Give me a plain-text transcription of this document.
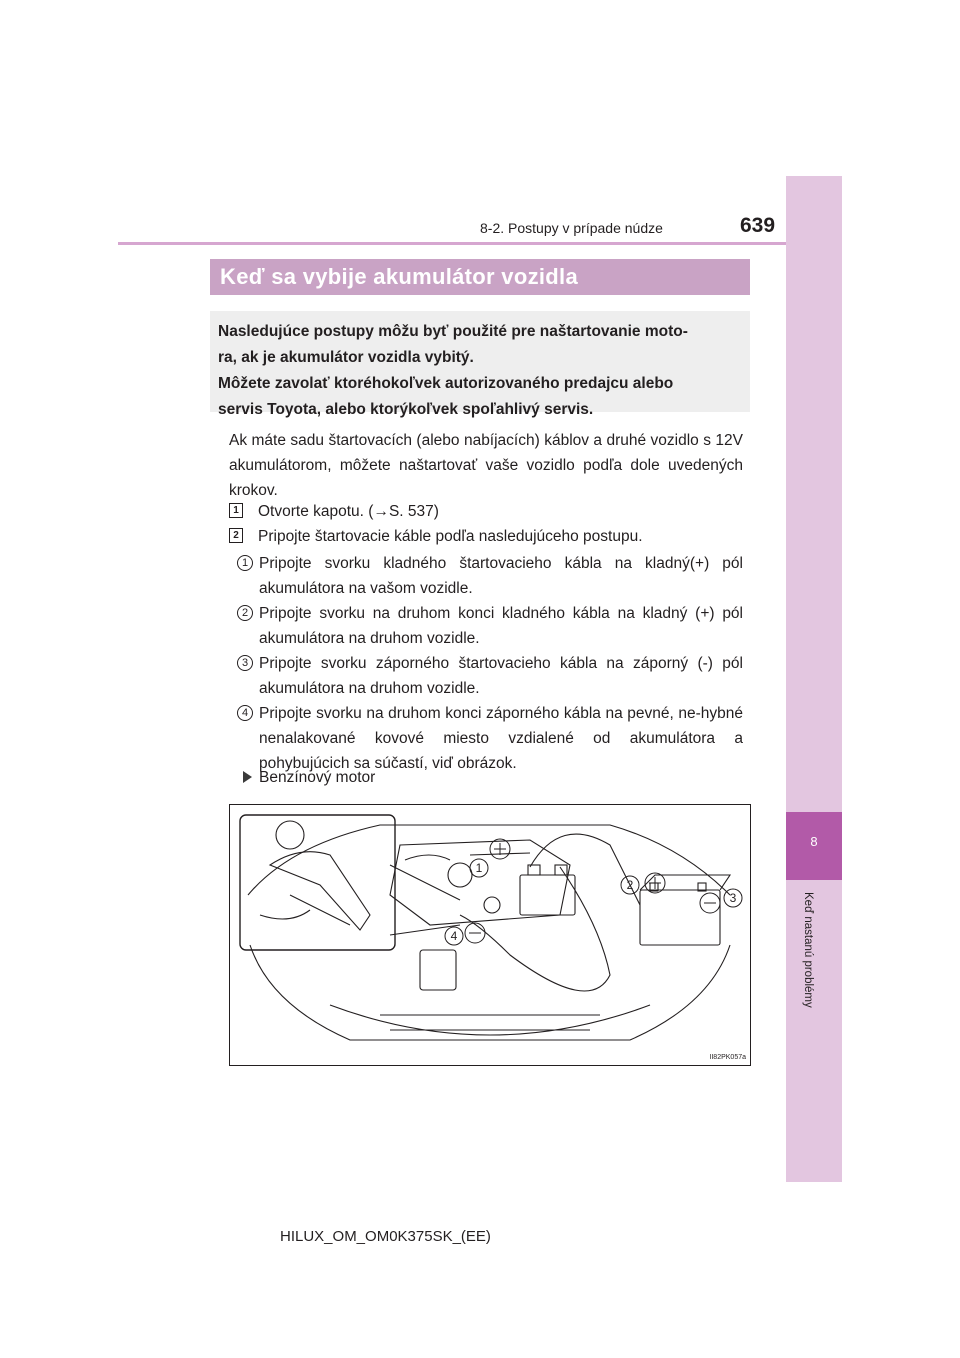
8-2. Postupy v prípade núdze	639
8
Keď nastanú problémy
Keď sa vybije akumulátor vozidla

Nasledujúce postupy môžu byť použité pre naštartovanie moto-

ra, ak je akumulátor vozidla vybitý.

Môžete zavolať ktoréhokoľvek autorizovaného predajcu alebo

servis Toyota, alebo ktorýkoľvek spoľahlivý servis.

Ak máte sadu štartovacích (alebo nabíjacích) káblov a druhé vozidlo s 12V akumulátorom, môžete naštartovať vaše vozidlo podľa dole uvedených krokov.
1 Otvorte kapotu. (→S. 537)
2 Pripojte štartovacie káble podľa nasledujúceho postupu.
1 Pripojte svorku kladného štartovacieho kábla na kladný(+) pól akumulátora na vašom vozidle.
2 Pripojte svorku na druhom konci kladného kábla na kladný (+) pól akumulátora na druhom vozidle.
3 Pripojte svorku záporného štartovacieho kábla na záporný (-) pól akumulátora na druhom vozidle.
4 Pripojte svorku na druhom konci záporného kábla na pevné, ne-hybné nenalakované kovové miesto vzdialené od akumulátora a pohybujúcich sa súčastí, viď obrázok.
Benzínový motor
1
2
3
4
II82PK057a
HILUX_OM_OM0K375SK_(EE)
